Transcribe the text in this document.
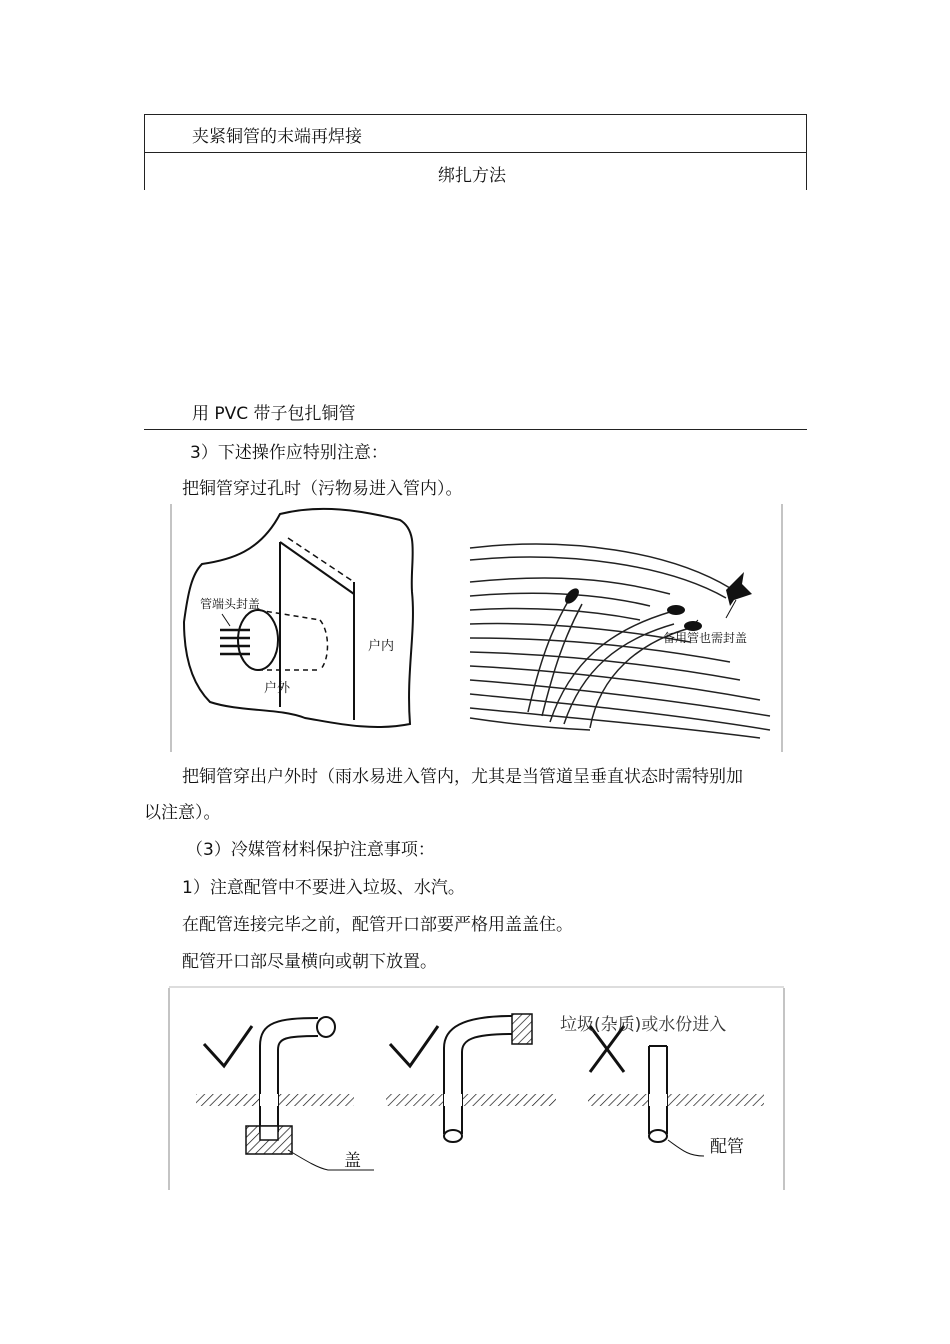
夹紧铜管的末端再焊接
绑扎方法
用 PVC 带子包扎铜管
3）下述操作应特别注意：
把铜管穿过孔时（污物易进入管内）。
管端头封盖
户内
户外
备用管也需封盖
把铜管穿出户外时（雨水易进入管内，尤其是当管道呈垂直状态时需特别加
以注意）。
（3）冷媒管材料保护注意事项：
1）注意配管中不要进入垃圾、水汽。
在配管连接完毕之前，配管开口部要严格用盖盖住。
配管开口部尽量横向或朝下放置。
盖
垃圾(杂质)或水份进入
配管
